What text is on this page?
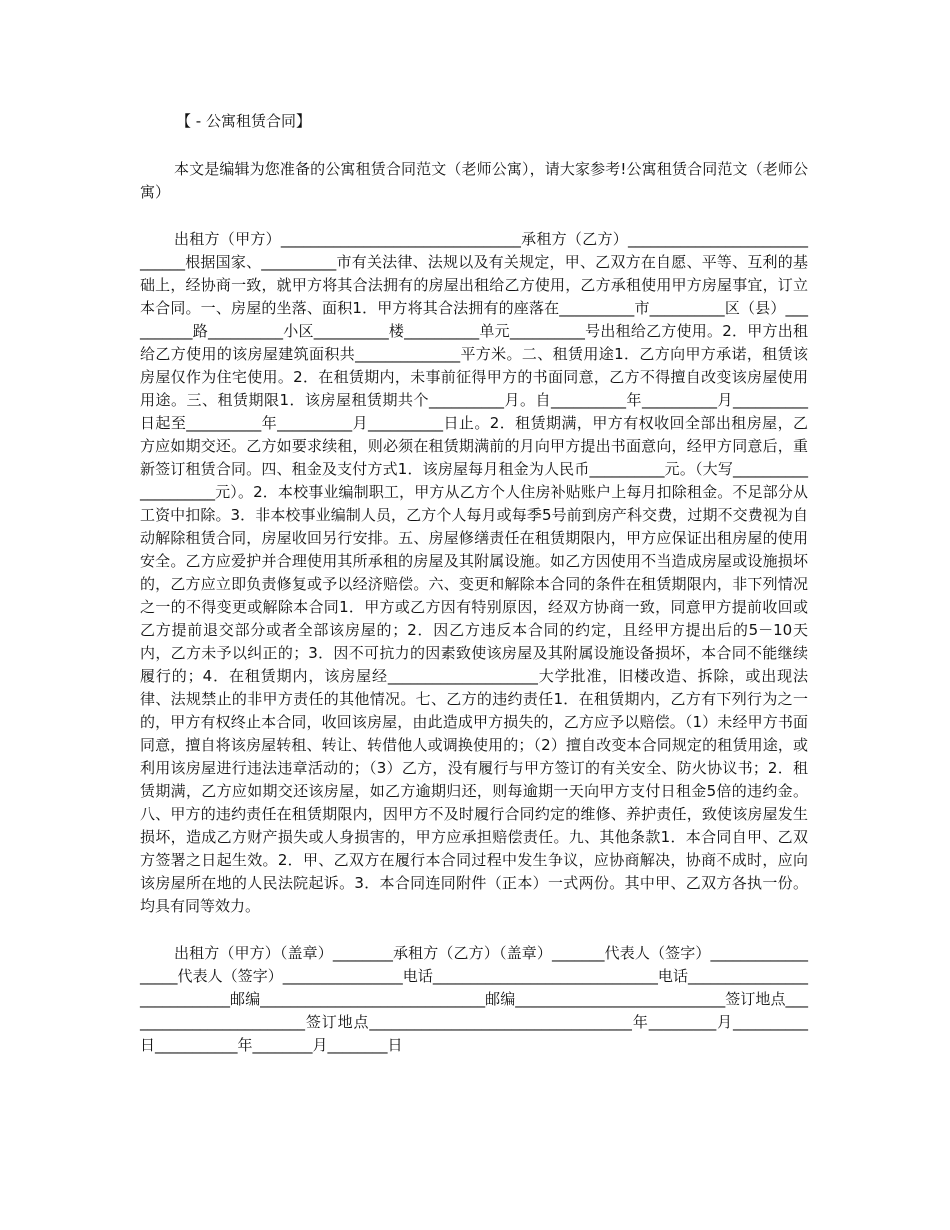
【 - 公寓租赁合同】

本文是编辑为您准备的公寓租赁合同范文（老师公寓），请大家参考!公寓租赁合同范文（老师公寓）

出租方（甲方）________________________________承租方（乙方）______________________________根据国家、__________市有关法律、法规以及有关规定，甲、乙双方在自愿、平等、互利的基础上，经协商一致，就甲方将其合法拥有的房屋出租给乙方使用，乙方承租使用甲方房屋事宜，订立本合同。一、房屋的坐落、面积1．甲方将其合法拥有的座落在__________市__________区（县）__________路__________小区__________楼__________单元__________号出租给乙方使用。2．甲方出租给乙方使用的该房屋建筑面积共______________平方米。二、租赁用途1．乙方向甲方承诺，租赁该房屋仅作为住宅使用。2．在租赁期内，未事前征得甲方的书面同意，乙方不得擅自改变该房屋使用用途。三、租赁期限1．该房屋租赁期共个__________月。自__________年__________月__________日起至__________年__________月__________日止。2．租赁期满，甲方有权收回全部出租房屋，乙方应如期交还。乙方如要求续租，则必须在租赁期满前的月向甲方提出书面意向，经甲方同意后，重新签订租赁合同。四、租金及支付方式1．该房屋每月租金为人民币__________元。（大写____________________元）。2．本校事业编制职工，甲方从乙方个人住房补贴账户上每月扣除租金。不足部分从工资中扣除。3．非本校事业编制人员，乙方个人每月或每季5号前到房产科交费，过期不交费视为自动解除租赁合同，房屋收回另行安排。五、房屋修缮责任在租赁期限内，甲方应保证出租房屋的使用安全。乙方应爱护并合理使用其所承租的房屋及其附属设施。如乙方因使用不当造成房屋或设施损坏的，乙方应立即负责修复或予以经济赔偿。六、变更和解除本合同的条件在租赁期限内，非下列情况之一的不得变更或解除本合同1．甲方或乙方因有特别原因，经双方协商一致，同意甲方提前收回或乙方提前退交部分或者全部该房屋的；2．因乙方违反本合同的约定，且经甲方提出后的5－10天内，乙方未予以纠正的；3．因不可抗力的因素致使该房屋及其附属设施设备损坏，本合同不能继续履行的；4．在租赁期内，该房屋经____________________大学批准，旧楼改造、拆除，或出现法律、法规禁止的非甲方责任的其他情况。七、乙方的违约责任1．在租赁期内，乙方有下列行为之一的，甲方有权终止本合同，收回该房屋，由此造成甲方损失的，乙方应予以赔偿。（1）未经甲方书面同意，擅自将该房屋转租、转让、转借他人或调换使用的；（2）擅自改变本合同规定的租赁用途，或利用该房屋进行违法违章活动的；（3）乙方，没有履行与甲方签订的有关安全、防火协议书；2．租赁期满，乙方应如期交还该房屋，如乙方逾期归还，则每逾期一天向甲方支付日租金5倍的违约金。八、甲方的违约责任在租赁期限内，因甲方不及时履行合同约定的维修、养护责任，致使该房屋发生损坏，造成乙方财产损失或人身损害的，甲方应承担赔偿责任。九、其他条款1．本合同自甲、乙双方签署之日起生效。2．甲、乙双方在履行本合同过程中发生争议，应协商解决，协商不成时，应向该房屋所在地的人民法院起诉。3．本合同连同附件（正本）一式两份。其中甲、乙双方各执一份。均具有同等效力。

出租方（甲方）（盖章）________承租方（乙方）（盖章）_______代表人（签字）__________________代表人（签字）________________电话______________________________电话____________________________邮编______________________________邮编____________________________签订地点_________________________签订地点___________________________________年_________月__________日___________年________月________日
